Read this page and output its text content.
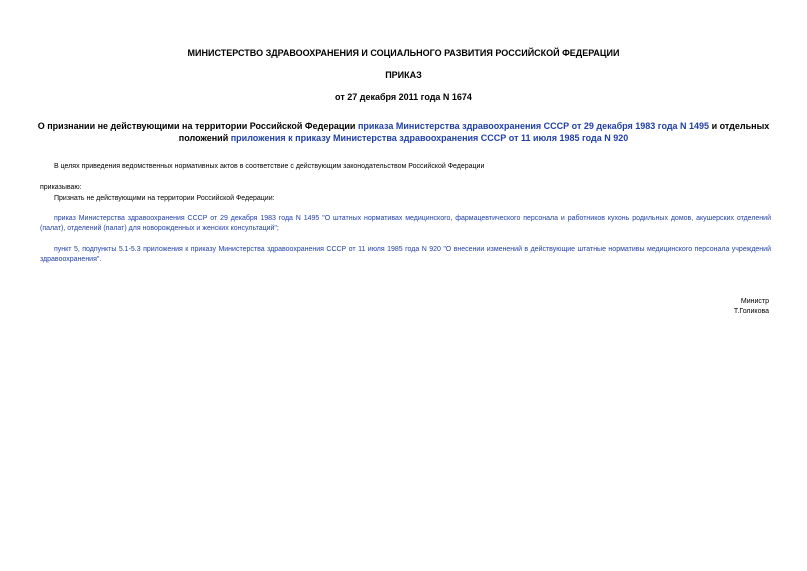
МИНИСТЕРСТВО ЗДРАВООХРАНЕНИЯ И СОЦИАЛЬНОГО РАЗВИТИЯ РОССИЙСКОЙ ФЕДЕРАЦИИ
ПРИКАЗ
от 27 декабря 2011 года N 1674
О признании не действующими на территории Российской Федерации приказа Министерства здравоохранения СССР от 29 декабря 1983 года N 1495 и отдельных положений приложения к приказу Министерства здравоохранения СССР от 11 июля 1985 года N 920
В целях приведения ведомственных нормативных актов в соответствие с действующим законодательством Российской Федерации
приказываю:
Признать не действующими на территории Российской Федерации:
приказ Министерства здравоохранения СССР от 29 декабря 1983 года N 1495 "О штатных нормативах медицинского, фармацевтического персонала и работников кухонь родильных домов, акушерских отделений (палат), отделений (палат) для новорожденных и женских консультаций";
пункт 5, подпункты 5.1-5.3 приложения к приказу Министерства здравоохранения СССР от 11 июля 1985 года N 920 "О внесении изменений в действующие штатные нормативы медицинского персонала учреждений здравоохранения".
Министр
Т.Голикова
